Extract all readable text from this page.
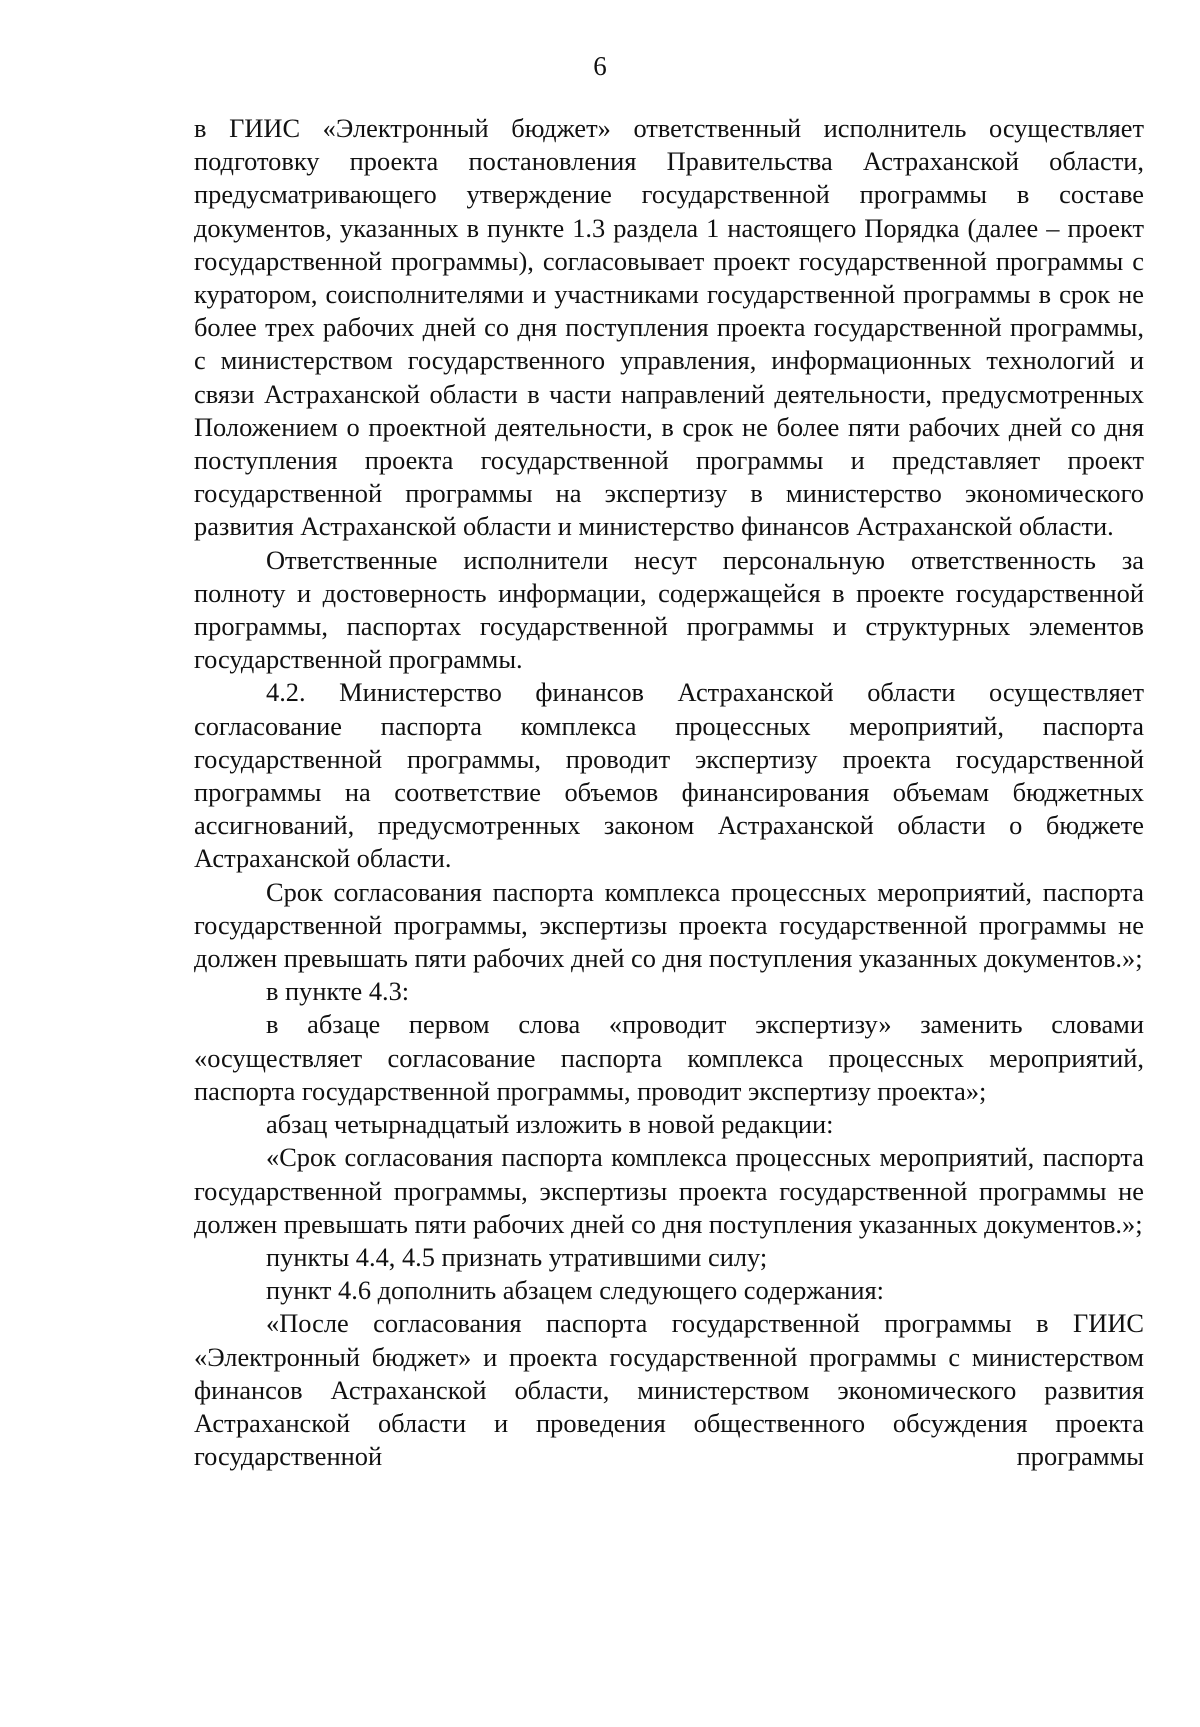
6

в ГИИС «Электронный бюджет» ответственный исполнитель осуществляет подготовку проекта постановления Правительства Астраханской области, предусматривающего утверждение государственной программы в составе документов, указанных в пункте 1.3 раздела 1 настоящего Порядка (далее – проект государственной программы), согласовывает проект государственной программы с куратором, соисполнителями и участниками государственной программы в срок не более трех рабочих дней со дня поступления проекта государственной программы, с министерством государственного управления, информационных технологий и связи Астраханской области в части направлений деятельности, предусмотренных Положением о проектной деятельности, в срок не более пяти рабочих дней со дня поступления проекта государственной программы и представляет проект государственной программы на экспертизу в министерство экономического развития Астраханской области и министерство финансов Астраханской области.

Ответственные исполнители несут персональную ответственность за полноту и достоверность информации, содержащейся в проекте государственной программы, паспортах государственной программы и структурных элементов государственной программы.

4.2. Министерство финансов Астраханской области осуществляет согласование паспорта комплекса процессных мероприятий, паспорта государственной программы, проводит экспертизу проекта государственной программы на соответствие объемов финансирования объемам бюджетных ассигнований, предусмотренных законом Астраханской области о бюджете Астраханской области.

Срок согласования паспорта комплекса процессных мероприятий, паспорта государственной программы, экспертизы проекта государственной программы не должен превышать пяти рабочих дней со дня поступления указанных документов.»;

в пункте 4.3:

в абзаце первом слова «проводит экспертизу» заменить словами «осуществляет согласование паспорта комплекса процессных мероприятий, паспорта государственной программы, проводит экспертизу проекта»;

абзац четырнадцатый изложить в новой редакции:

«Срок согласования паспорта комплекса процессных мероприятий, паспорта государственной программы, экспертизы проекта государственной программы не должен превышать пяти рабочих дней со дня поступления указанных документов.»;

пункты 4.4, 4.5 признать утратившими силу;

пункт 4.6 дополнить абзацем следующего содержания:

«После согласования паспорта государственной программы в ГИИС «Электронный бюджет» и проекта государственной программы с министерством финансов Астраханской области, министерством экономического развития Астраханской области и проведения общественного обсуждения проекта государственной программы
